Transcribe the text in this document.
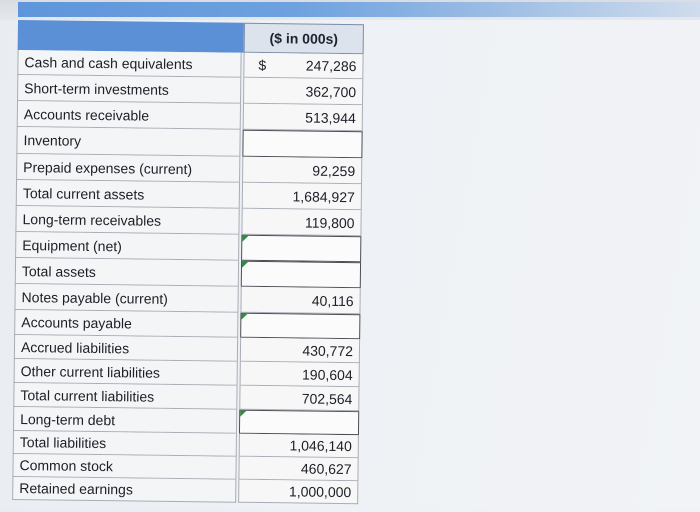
($ in 000s)
Cash and cash equivalents	$	247,286
Short-term investments	362,700
Accounts receivable	513,944
Inventory
Prepaid expenses (current)	92,259
Total current assets	1,684,927
Long-term receivables	119,800
Equipment (net)
Total assets
Notes payable (current)	40,116
Accounts payable
Accrued liabilities	430,772
Other current liabilities	190,604
Total current liabilities	702,564
Long-term debt
Total liabilities	1,046,140
Common stock	460,627
Retained earnings	1,000,000
